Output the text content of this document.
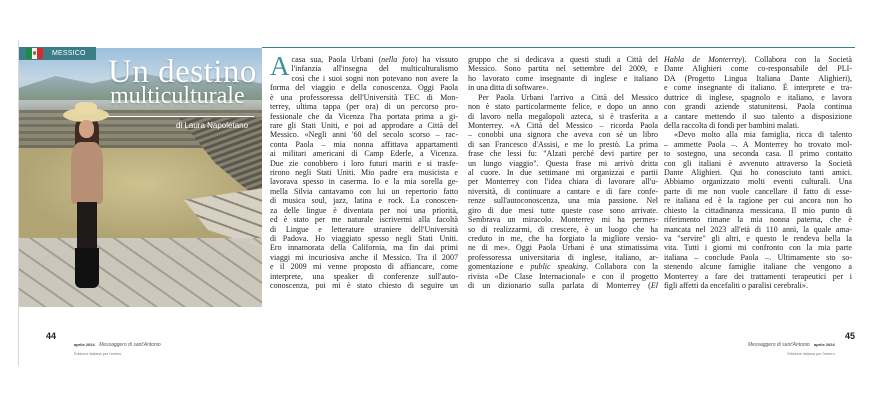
MESSICO
Un destino
multiculturale
di Laura Napoletano
A casa sua, Paola Urbani (nella foto) ha vissuto
l'infanzia all'insegna del multiculturalismo
così che i suoi sogni non potevano non avere la
forma del viaggio e della conoscenza. Oggi Paola
è una professoressa dell'Università TEC di Mon-
terrey, ultima tappa (per ora) di un percorso pro-
fessionale che da Vicenza l'ha portata prima a gi-
rare gli Stati Uniti, e poi ad approdare a Città del
Messico. «Negli anni '60 del secolo scorso – rac-
conta Paola – mia nonna affittava appartamenti
ai militari americani di Camp Ederle, a Vicenza.
Due zie conobbero i loro futuri mariti e si trasfe-
rirono negli Stati Uniti. Mio padre era musicista e
lavorava spesso in caserma. Io e la mia sorella ge-
mella Silvia cantavamo con lui un repertorio fatto
di musica soul, jazz, latina e rock. La conoscen-
za delle lingue è diventata per noi una priorità,
ed è stato per me naturale iscrivermi alla facoltà
di Lingue e letterature straniere dell'Università
di Padova. Ho viaggiato spesso negli Stati Uniti.
Ero innamorata della California, ma fin dai primi
viaggi mi incuriosiva anche il Messico. Tra il 2007
e il 2009 mi venne proposto di affiancare, come
interprete, una speaker di conferenze sull'auto-
conoscenza, poi mi è stato chiesto di seguire un
gruppo che si dedicava a questi studi a Città del
Messico. Sono partita nel settembre del 2009, e
ho lavorato come insegnante di inglese e italiano
in una ditta di software».
Per Paola Urbani l'arrivo a Città del Messico
non è stato particolarmente felice, e dopo un anno
di lavoro nella megalopoli azteca, si è trasferita a
Monterrey. «A Città del Messico – ricorda Paola
– conobbi una signora che aveva con sé un libro
di san Francesco d'Assisi, e me lo prestò. La prima
frase che lessi fu: "Alzati perché devi partire per
un lungo viaggio". Questa frase mi arrivò dritta
al cuore. In due settimane mi organizzai e partii
per Monterrey con l'idea chiara di lavorare all'u-
niversità, di continuare a cantare e di fare confe-
renze sull'autoconoscenza, una mia passione. Nel
giro di due mesi tutte queste cose sono arrivate.
Sembrava un miracolo. Monterrey mi ha permes-
so di realizzarmi, di crescere, è un luogo che ha
creduto in me, che ha forgiato la migliore versio-
ne di me». Oggi Paola Urbani è una stimatissima
professoressa universitaria di inglese, italiano, ar-
gomentazione e public speaking. Collabora con la
rivista «De Clase Internacional» e con il progetto
di un dizionario sulla parlata di Monterrey (El
Habla de Monterrey). Collabora con la Società
Dante Alighieri come co-responsabile del PLI-
DA (Progetto Lingua Italiana Dante Alighieri),
e come insegnante di italiano. È interprete e tra-
duttrice di inglese, spagnolo e italiano, e lavora
con grandi aziende statunitensi. Paola continua
a cantare mettendo il suo talento a disposizione
della raccolta di fondi per bambini malati.
«Devo molto alla mia famiglia, ricca di talento
– ammette Paola –. A Monterrey ho trovato mol-
to sostegno, una seconda casa. Il primo contatto
con gli italiani è avvenuto attraverso la Società
Dante Alighieri. Qui ho conosciuto tanti amici.
Abbiamo organizzato molti eventi culturali. Una
parte di me non vuole cancellare il fatto di esse-
re italiana ed è la ragione per cui ancora non ho
chiesto la cittadinanza messicana. Il mio punto di
riferimento rimane la mia nonna paterna, che è
mancata nel 2023 all'età di 110 anni, la quale ama-
va "servire" gli altri, e questo le rendeva bella la
vita. Tutti i giorni mi confronto con la mia parte
italiana – conclude Paola –. Ultimamente sto so-
stenendo alcune famiglie italiane che vengono a
Monterrey a fare dei trattamenti terapeutici per i
figli affetti da encefaliti o paralisi cerebrali».
44
aprile 2024 Messaggero di sant'Antonio
Edizione italiana per l'estero
Messaggero di sant'Antonio aprile 2024
Edizione italiana per l'estero
45
